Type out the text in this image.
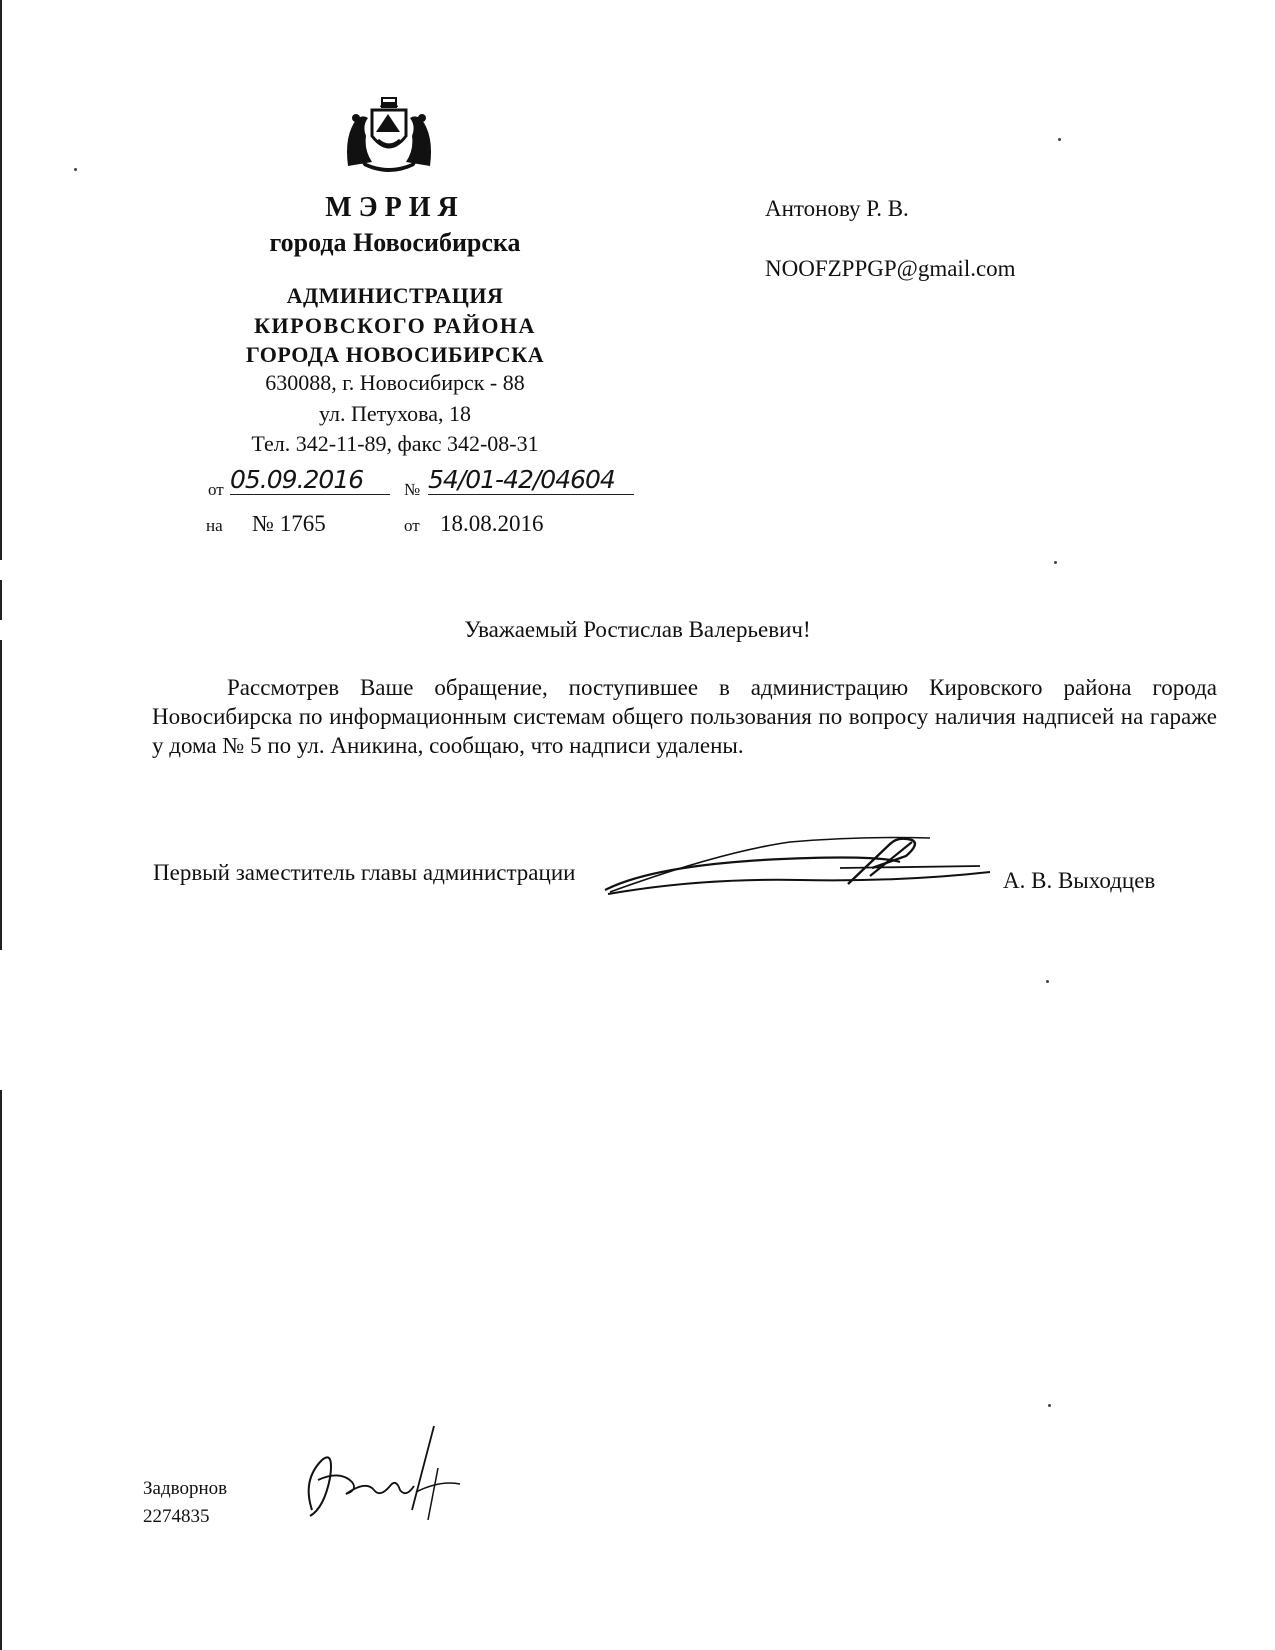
МЭРИЯ
города Новосибирска
АДМИНИСТРАЦИЯ
КИРОВСКОГО РАЙОНА
ГОРОДА НОВОСИБИРСКА
630088, г. Новосибирск - 88
ул. Петухова, 18
Тел. 342-11-89, факс 342-08-31
от 05.09.2016	№ 54/01-42/04604
на № 1765	от 18.08.2016
Антонову Р. В.
NOOFZPPGP@gmail.com
Уважаемый Ростислав Валерьевич!
Рассмотрев Ваше обращение, поступившее в администрацию Кировского района города Новосибирска по информационным системам общего пользования по вопросу наличия надписей на гараже у дома № 5 по ул. Аникина, сообщаю, что надписи удалены.
Первый заместитель главы администрации	А. В. Выходцев
Задворнов
2274835
